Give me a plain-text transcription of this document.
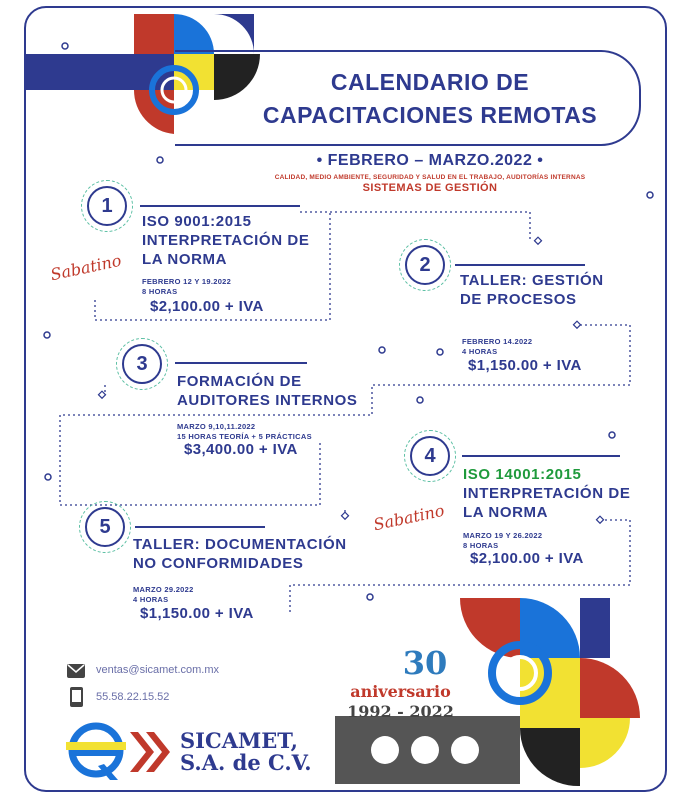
CALENDARIO DE
CAPACITACIONES REMOTAS
• FEBRERO – MARZO.2022 •
CALIDAD, MEDIO AMBIENTE, SEGURIDAD Y SALUD EN EL TRABAJO, AUDITORÍAS INTERNAS
SISTEMAS DE GESTIÓN
1
ISO 9001:2015
INTERPRETACIÓN DE
LA NORMA
Sabatino	FEBRERO 12 Y 19.2022
8 HORAS
$2,100.00 + IVA
2
TALLER: GESTIÓN
DE PROCESOS
FEBRERO 14.2022
4 HORAS
$1,150.00 + IVA
3
FORMACIÓN DE
AUDITORES INTERNOS
MARZO 9,10,11.2022
15 HORAS TEORÍA + 5 PRÁCTICAS
$3,400.00 + IVA	4
ISO 14001:2015
INTERPRETACIÓN DE
LA NORMA
Sabatino
MARZO 19 Y 26.2022
8 HORAS
$2,100.00 + IVA
5
TALLER: DOCUMENTACIÓN
NO CONFORMIDADES
MARZO 29.2022
4 HORAS
$1,150.00 + IVA
ventas@sicamet.com.mx
55.58.22.15.52
SICAMET,
S.A. de C.V.
30
aniversario
1992 - 2022
